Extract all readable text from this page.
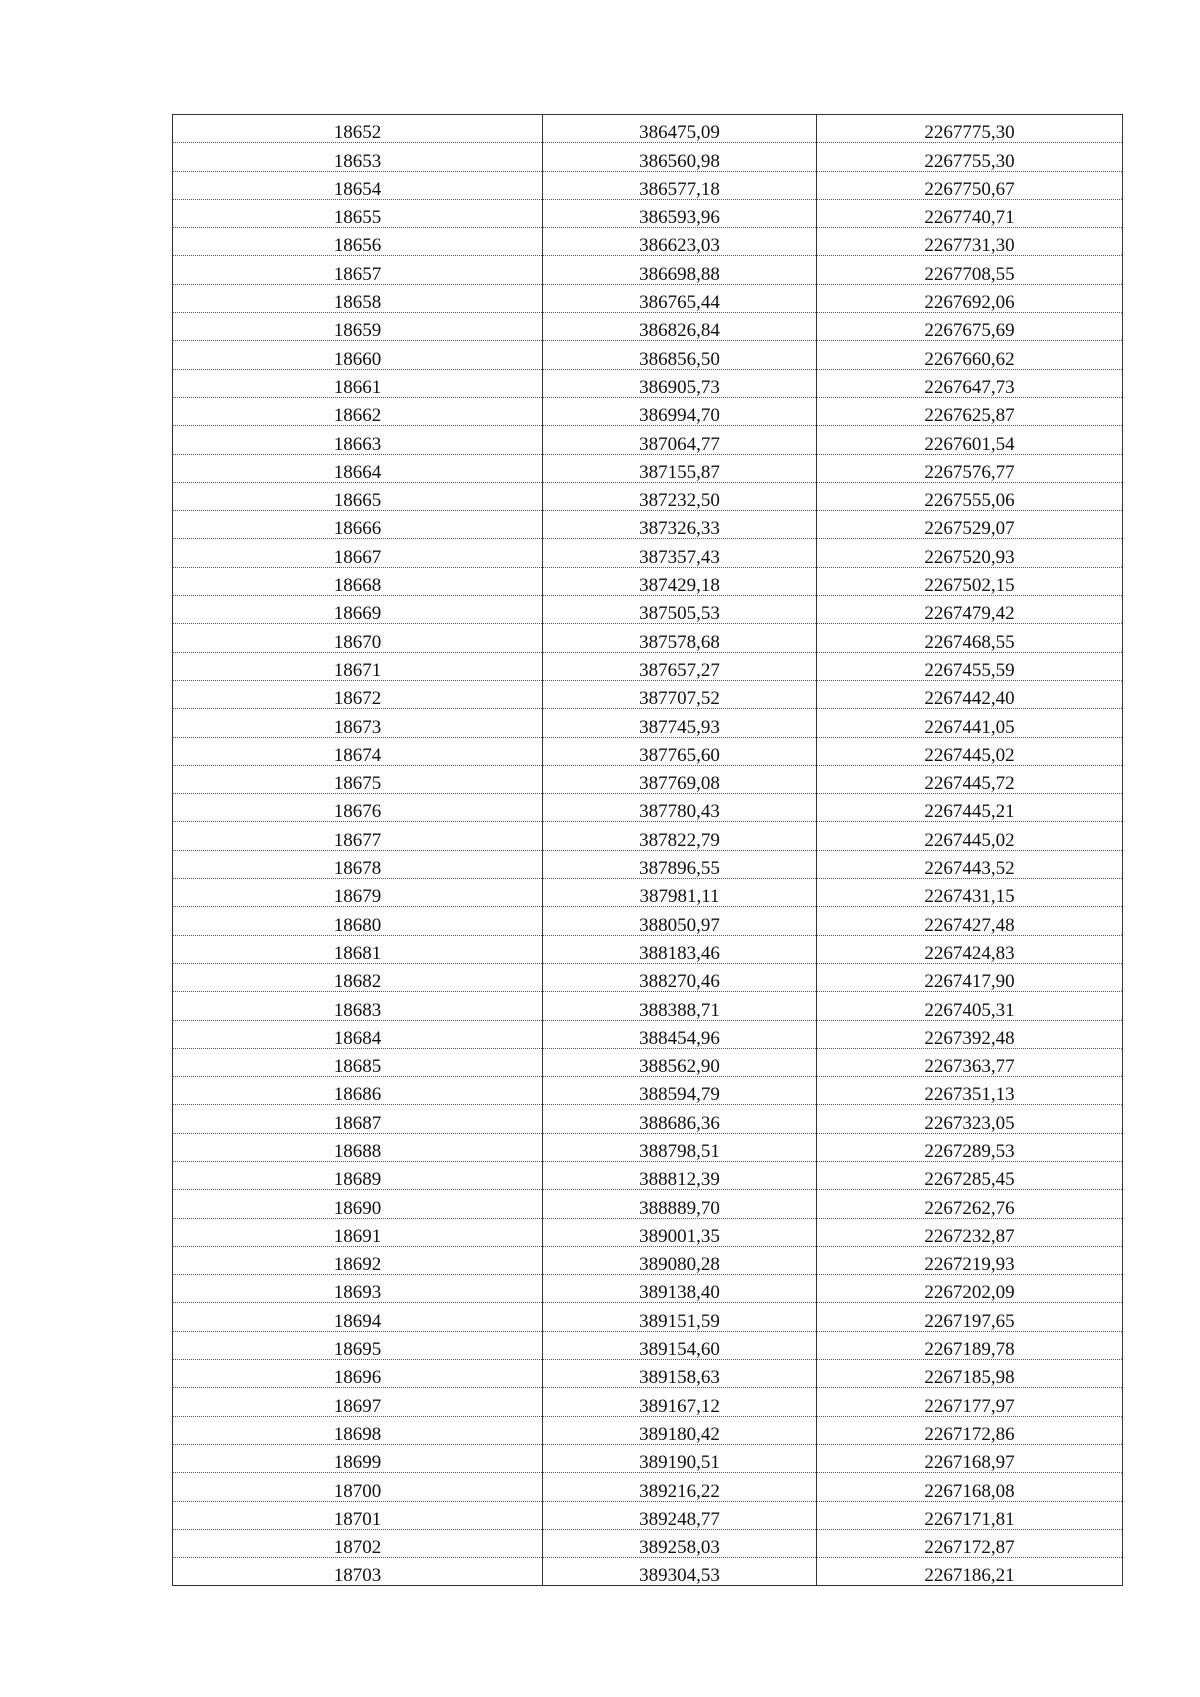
18652	386475,09	2267775,30
18653	386560,98	2267755,30
18654	386577,18	2267750,67
18655	386593,96	2267740,71
18656	386623,03	2267731,30
18657	386698,88	2267708,55
18658	386765,44	2267692,06
18659	386826,84	2267675,69
18660	386856,50	2267660,62
18661	386905,73	2267647,73
18662	386994,70	2267625,87
18663	387064,77	2267601,54
18664	387155,87	2267576,77
18665	387232,50	2267555,06
18666	387326,33	2267529,07
18667	387357,43	2267520,93
18668	387429,18	2267502,15
18669	387505,53	2267479,42
18670	387578,68	2267468,55
18671	387657,27	2267455,59
18672	387707,52	2267442,40
18673	387745,93	2267441,05
18674	387765,60	2267445,02
18675	387769,08	2267445,72
18676	387780,43	2267445,21
18677	387822,79	2267445,02
18678	387896,55	2267443,52
18679	387981,11	2267431,15
18680	388050,97	2267427,48
18681	388183,46	2267424,83
18682	388270,46	2267417,90
18683	388388,71	2267405,31
18684	388454,96	2267392,48
18685	388562,90	2267363,77
18686	388594,79	2267351,13
18687	388686,36	2267323,05
18688	388798,51	2267289,53
18689	388812,39	2267285,45
18690	388889,70	2267262,76
18691	389001,35	2267232,87
18692	389080,28	2267219,93
18693	389138,40	2267202,09
18694	389151,59	2267197,65
18695	389154,60	2267189,78
18696	389158,63	2267185,98
18697	389167,12	2267177,97
18698	389180,42	2267172,86
18699	389190,51	2267168,97
18700	389216,22	2267168,08
18701	389248,77	2267171,81
18702	389258,03	2267172,87
18703	389304,53	2267186,21
